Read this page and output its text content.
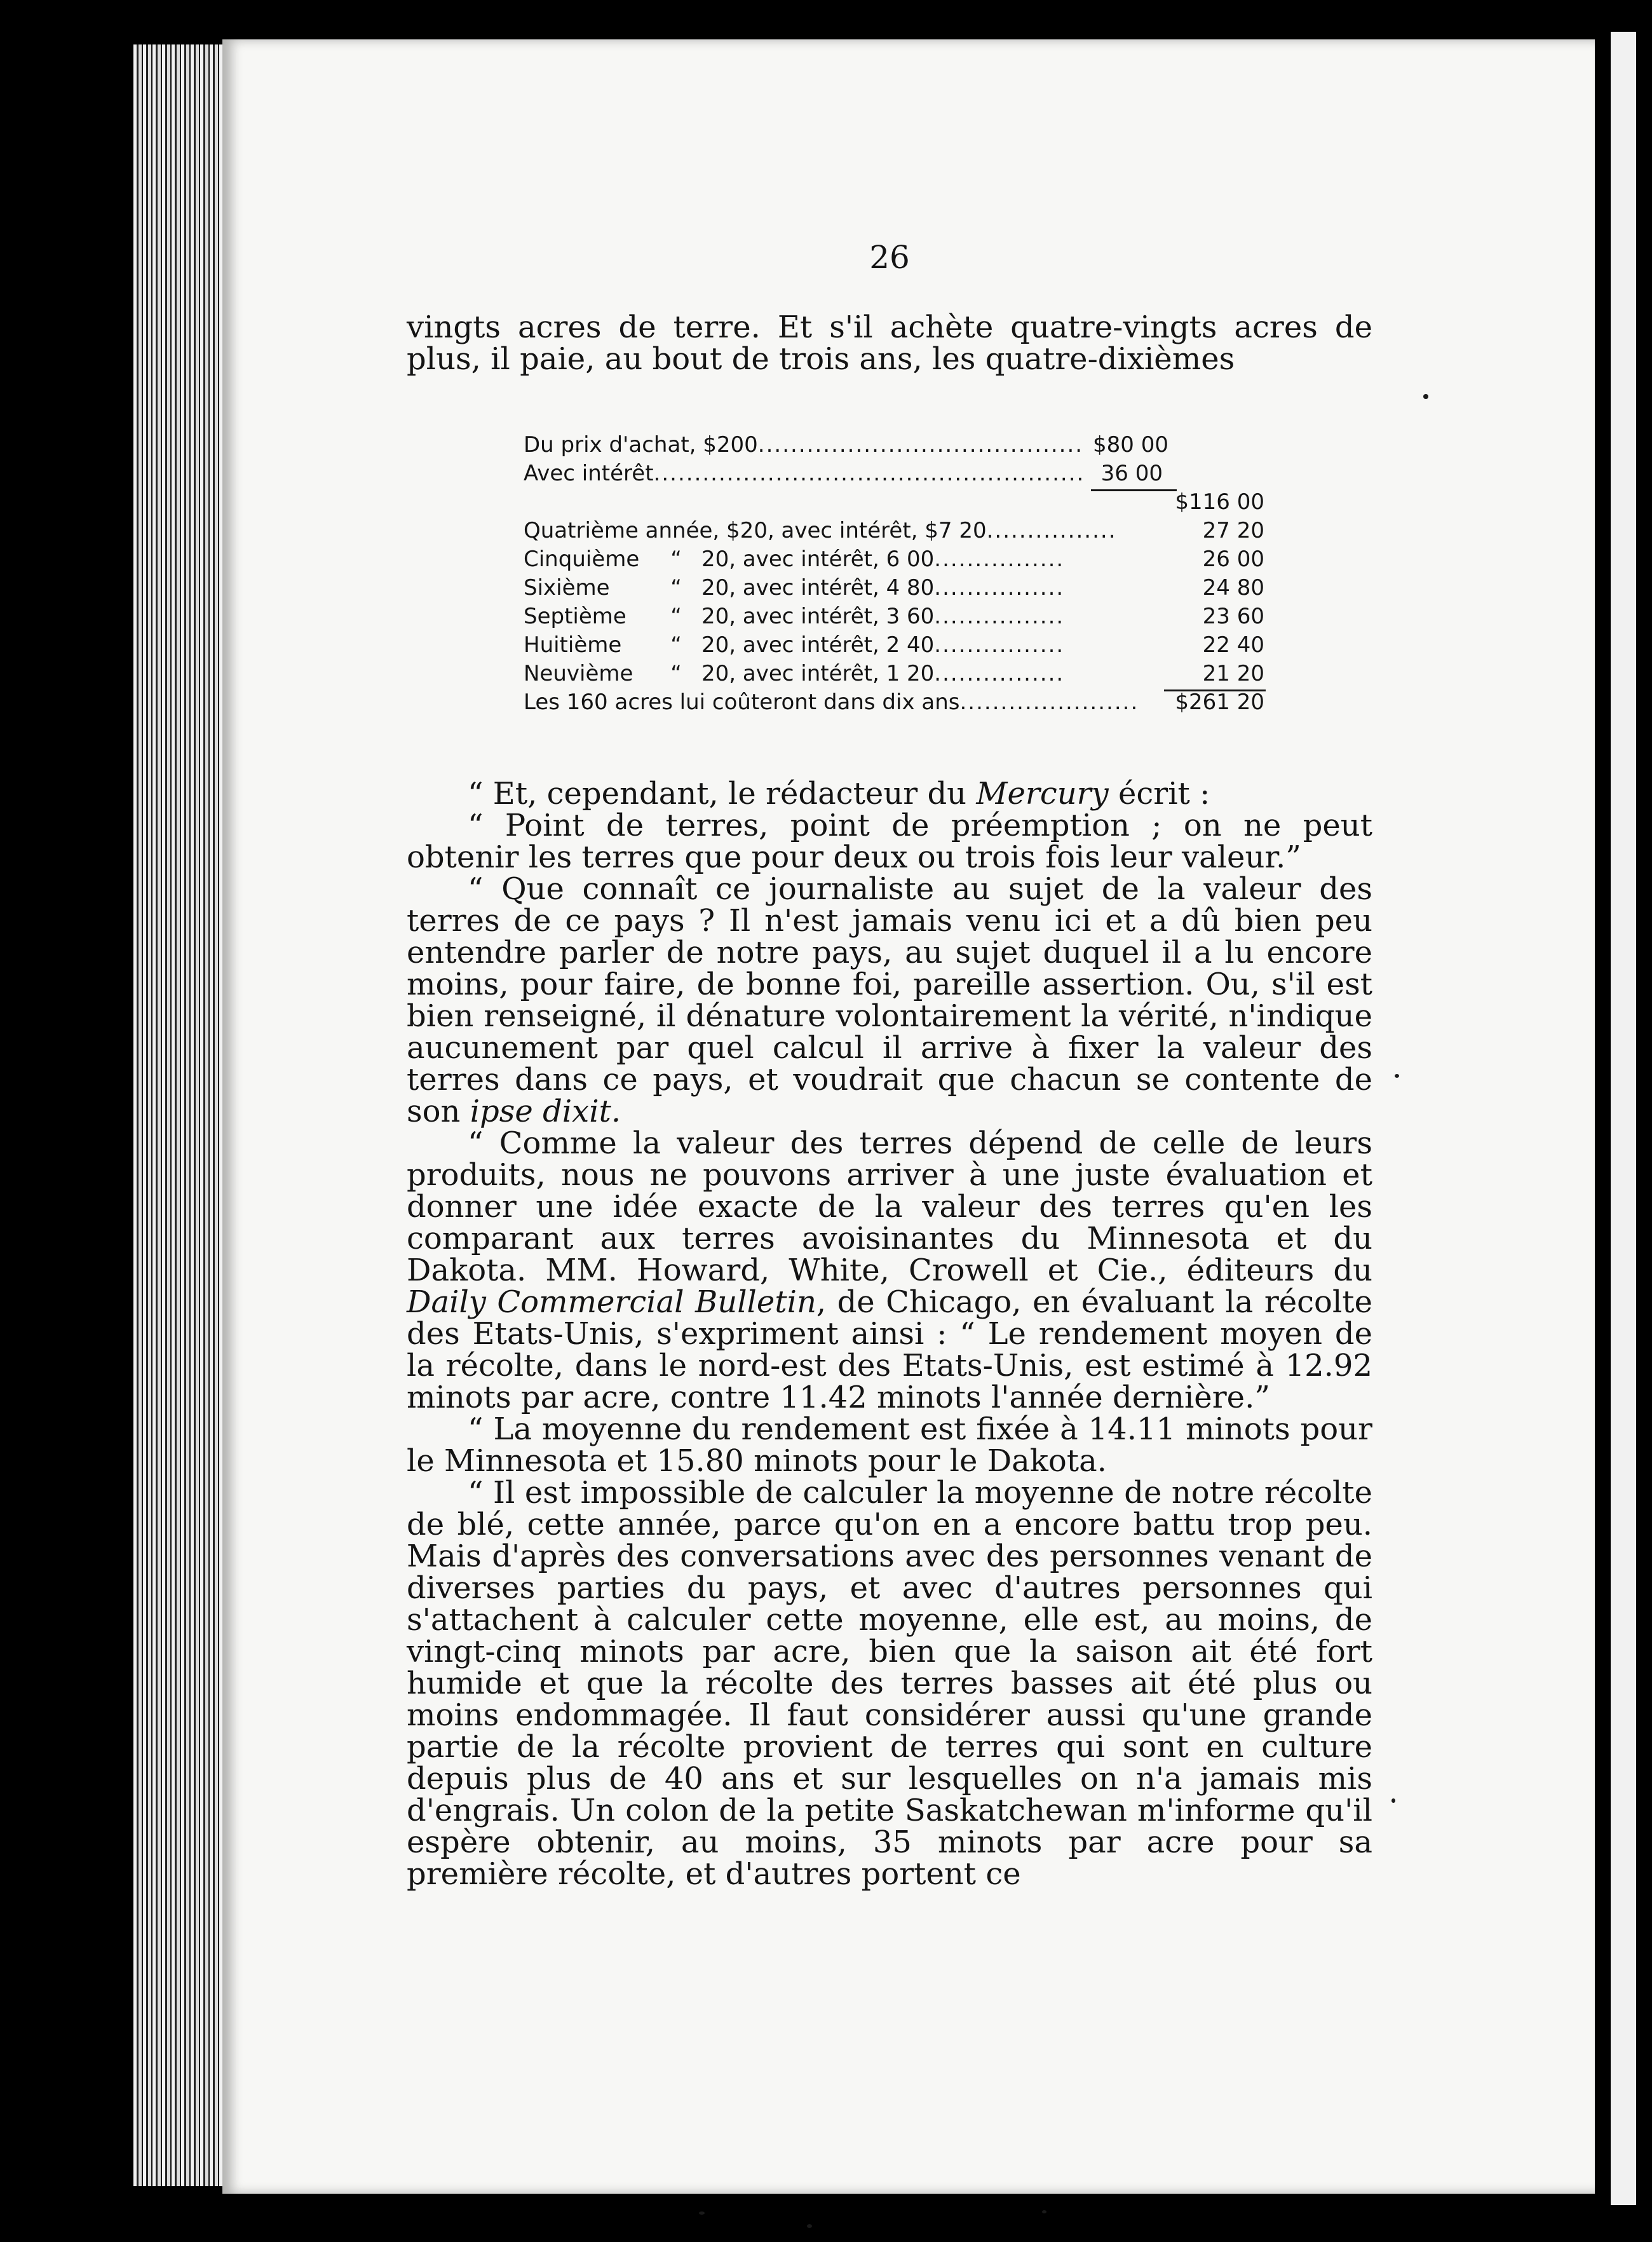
26

vingts acres de terre. Et s'il achète quatre-vingts acres de plus, il paie, au bout de trois ans, les quatre-dixièmes

Du prix d'achat, $200 ........................................ $80 00
Avec intérêt ..................................................... 36 00
$116 00
Quatrième année, $20, avec intérêt, $7 20 ................	27 20
Cinquième	“ 20, avec intérêt, 6 00 ................	26 00
Sixième	“ 20, avec intérêt, 4 80 ................	24 80
Septième	“ 20, avec intérêt, 3 60 ................	23 60
Huitième	“ 20, avec intérêt, 2 40 ................	22 40
Neuvième	“ 20, avec intérêt, 1 20 ................	21 20
Les 160 acres lui coûteront dans dix ans ......................	$261 20

“ Et, cependant, le rédacteur du Mercury écrit :

“ Point de terres, point de préemption ; on ne peut obtenir les terres que pour deux ou trois fois leur valeur.”

“ Que connaît ce journaliste au sujet de la valeur des terres de ce pays ? Il n'est jamais venu ici et a dû bien peu entendre parler de notre pays, au sujet duquel il a lu encore moins, pour faire, de bonne foi, pareille assertion. Ou, s'il est bien renseigné, il dénature volontairement la vérité, n'indique aucunement par quel calcul il arrive à fixer la valeur des terres dans ce pays, et voudrait que chacun se contente de son ipse dixit.

“ Comme la valeur des terres dépend de celle de leurs produits, nous ne pouvons arriver à une juste évaluation et donner une idée exacte de la valeur des terres qu'en les comparant aux terres avoisinantes du Minnesota et du Dakota. MM. Howard, White, Crowell et Cie., éditeurs du Daily Commercial Bulletin, de Chicago, en évaluant la récolte des Etats-Unis, s'expriment ainsi : “ Le rendement moyen de la récolte, dans le nord-est des Etats-Unis, est estimé à 12.92 minots par acre, contre 11.42 minots l'année dernière.”

“ La moyenne du rendement est fixée à 14.11 minots pour le Minnesota et 15.80 minots pour le Dakota.

“ Il est impossible de calculer la moyenne de notre récolte de blé, cette année, parce qu'on en a encore battu trop peu. Mais d'après des conversations avec des personnes venant de diverses parties du pays, et avec d'autres personnes qui s'attachent à calculer cette moyenne, elle est, au moins, de vingt-cinq minots par acre, bien que la saison ait été fort humide et que la récolte des terres basses ait été plus ou moins endommagée. Il faut considérer aussi qu'une grande partie de la récolte provient de terres qui sont en culture depuis plus de 40 ans et sur lesquelles on n'a jamais mis d'engrais. Un colon de la petite Saskatchewan m'informe qu'il espère obtenir, au moins, 35 minots par acre pour sa première récolte, et d'autres portent ce
